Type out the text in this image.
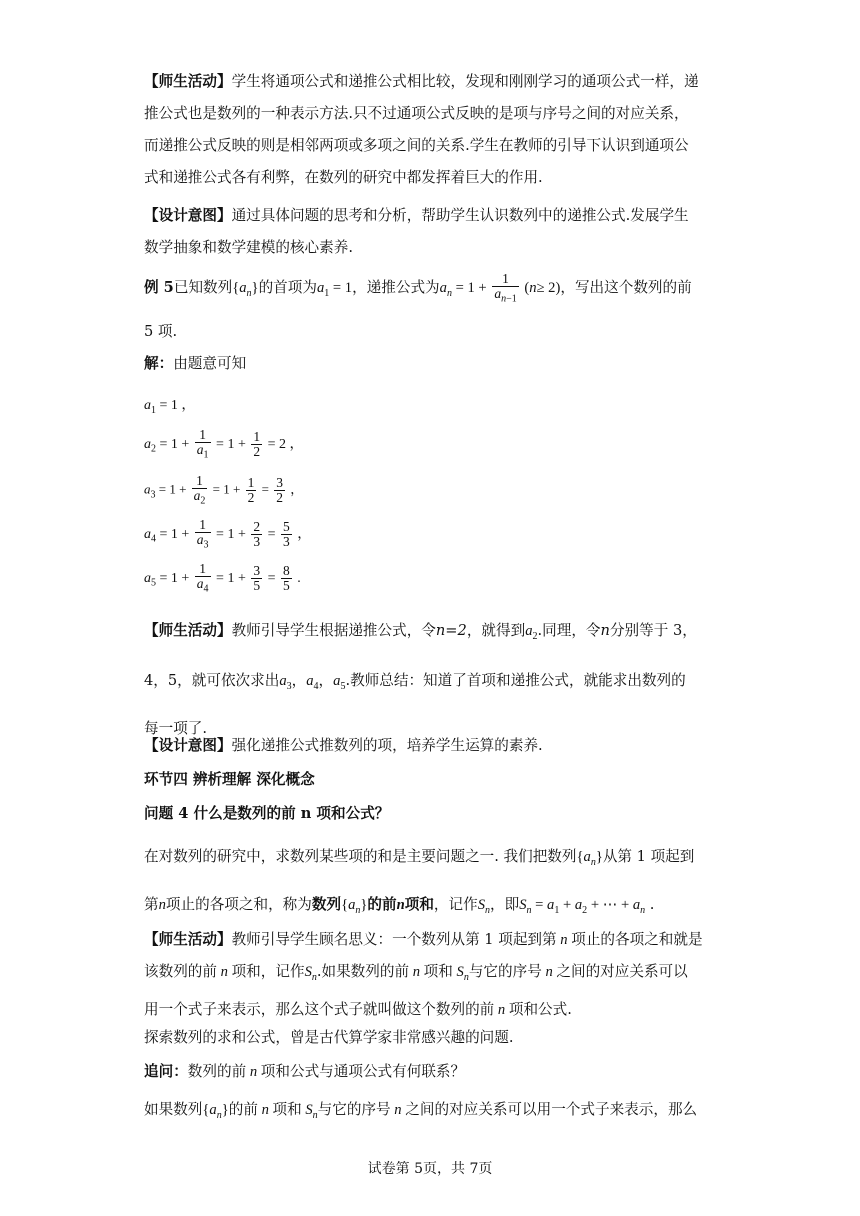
【师生活动】学生将通项公式和递推公式相比较，发现和刚刚学习的通项公式一样，递

推公式也是数列的一种表示方法.只不过通项公式反映的是项与序号之间的对应关系，

而递推公式反映的则是相邻两项或多项之间的关系.学生在教师的引导下认识到通项公

式和递推公式各有利弊，在数列的研究中都发挥着巨大的作用.

【设计意图】通过具体问题的思考和分析，帮助学生认识数列中的递推公式.发展学生

数学抽象和数学建模的核心素养.

例 5已知数列$\{a_n\}$的首项为$a_1 = 1$，递推公式为$a_n = 1 + \frac{1}{a_{n-1}} (n\ge 2)$，写出这个数列的前

5 项.

解：由题意可知

$a_1 = 1$ ，
$a_2 = 1 + \frac{1}{a_1} = 1 + \frac{1}{2} = 2$ ，
$a_3 = 1 + \frac{1}{a_2} = 1 + \frac{1}{2} = \frac{3}{2}$ ，
$a_4 = 1 + \frac{1}{a_3} = 1 + \frac{2}{3} = \frac{5}{3}$ ，
$a_5 = 1 + \frac{1}{a_4} = 1 + \frac{3}{5} = \frac{8}{5}$ .

【师生活动】教师引导学生根据递推公式，令n=2，就得到$a_2$.同理，令n分别等于 3，

4，5，就可依次求出$a_3$，$a_4$，$a_5$.教师总结：知道了首项和递推公式，就能求出数列的

每一项了.

【设计意图】强化递推公式推数列的项，培养学生运算的素养.

环节四 辨析理解 深化概念
问题 4 什么是数列的前 n 项和公式？

在对数列的研究中，求数列某些项的和是主要问题之一. 我们把数列$\{a_n\}$从第 1 项起到

第n项止的各项之和，称为数列$\{a_n\}$的前n项和，记作$S_n$，即$S_n = a_1 + a_2$ + ⋯ + $a_n$ .

【师生活动】教师引导学生顾名思义：一个数列从第 1 项起到第 n 项止的各项之和就是

该数列的前 n 项和，记作$S_n$.如果数列的前 n 项和 $S_n$与它的序号 n 之间的对应关系可以

用一个式子来表示，那么这个式子就叫做这个数列的前 n 项和公式.

探索数列的求和公式，曾是古代算学家非常感兴趣的问题.

追问：数列的前 n 项和公式与通项公式有何联系？

如果数列$\{a_n\}$的前 n 项和 $S_n$与它的序号 n 之间的对应关系可以用一个式子来表示，那么

试卷第 5页，共 7页
